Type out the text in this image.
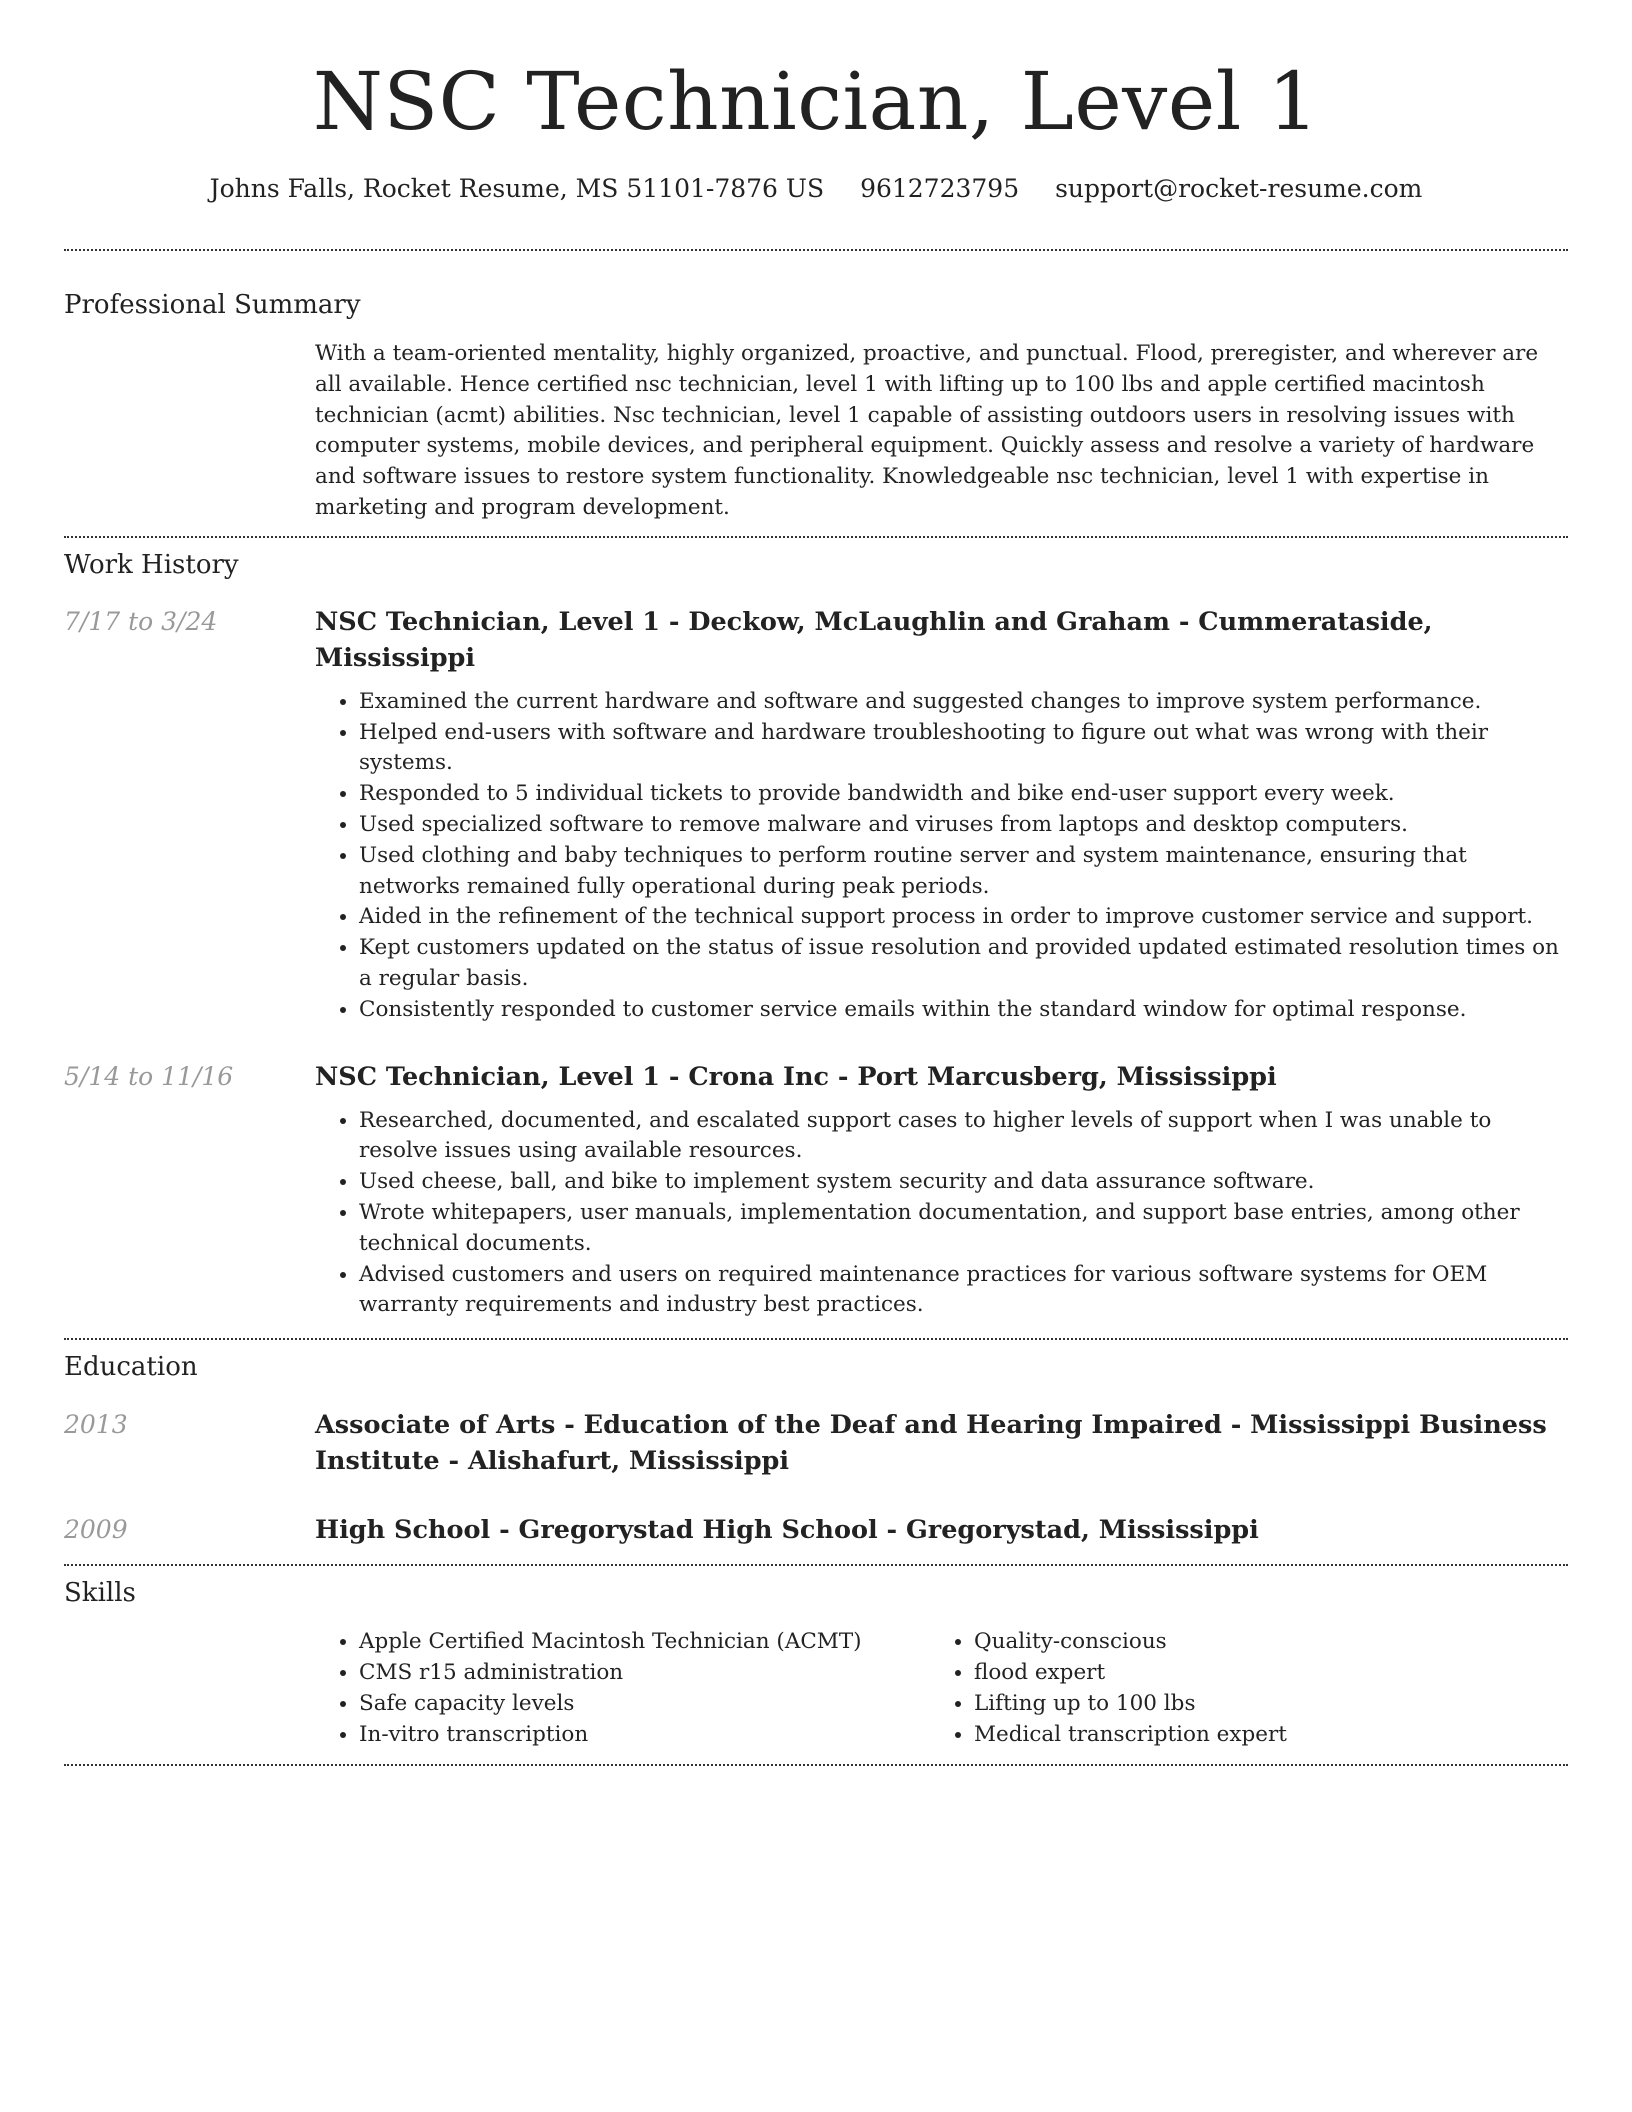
NSC Technician, Level 1
Johns Falls, Rocket Resume, MS 51101-7876 US 9612723795 support@rocket-resume.com
Professional Summary

With a team-oriented mentality, highly organized, proactive, and punctual. Flood, preregister, and wherever are all available. Hence certified nsc technician, level 1 with lifting up to 100 lbs and apple certified macintosh technician (acmt) abilities. Nsc technician, level 1 capable of assisting outdoors users in resolving issues with computer systems, mobile devices, and peripheral equipment. Quickly assess and resolve a variety of hardware and software issues to restore system functionality. Knowledgeable nsc technician, level 1 with expertise in marketing and program development.

Work History
7/17 to 3/24	NSC Technician, Level 1 - Deckow, McLaughlin and Graham - Cummerataside, Mississippi
• Examined the current hardware and software and suggested changes to improve system performance.
• Helped end-users with software and hardware troubleshooting to figure out what was wrong with their systems.
• Responded to 5 individual tickets to provide bandwidth and bike end-user support every week.
• Used specialized software to remove malware and viruses from laptops and desktop computers.
• Used clothing and baby techniques to perform routine server and system maintenance, ensuring that networks remained fully operational during peak periods.
• Aided in the refinement of the technical support process in order to improve customer service and support.
• Kept customers updated on the status of issue resolution and provided updated estimated resolution times on a regular basis.
• Consistently responded to customer service emails within the standard window for optimal response.
5/14 to 11/16	NSC Technician, Level 1 - Crona Inc - Port Marcusberg, Mississippi
• Researched, documented, and escalated support cases to higher levels of support when I was unable to resolve issues using available resources.
• Used cheese, ball, and bike to implement system security and data assurance software.
• Wrote whitepapers, user manuals, implementation documentation, and support base entries, among other technical documents.
• Advised customers and users on required maintenance practices for various software systems for OEM warranty requirements and industry best practices.
Education
2013	Associate of Arts - Education of the Deaf and Hearing Impaired - Mississippi Business Institute - Alishafurt, Mississippi
2009	High School - Gregorystad High School - Gregorystad, Mississippi
Skills
• Apple Certified Macintosh Technician (ACMT)
• CMS r15 administration
• Safe capacity levels
• In-vitro transcription
• Quality-conscious
• flood expert
• Lifting up to 100 lbs
• Medical transcription expert
